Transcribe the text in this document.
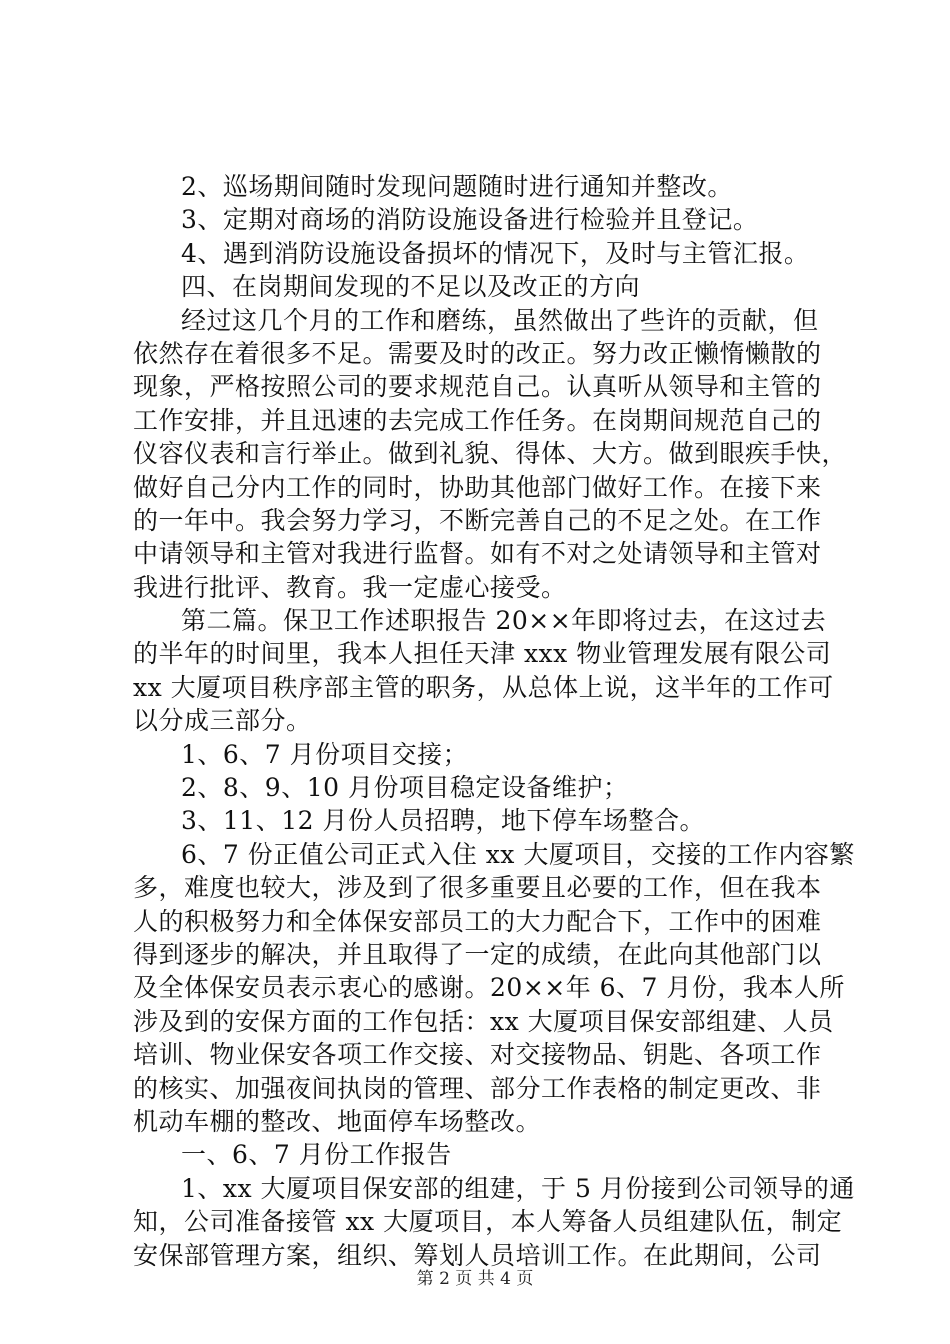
2、巡场期间随时发现问题随时进行通知并整改。
3、定期对商场的消防设施设备进行检验并且登记。
4、遇到消防设施设备损坏的情况下，及时与主管汇报。
四、在岗期间发现的不足以及改正的方向
经过这几个月的工作和磨练，虽然做出了些许的贡献，但
依然存在着很多不足。需要及时的改正。努力改正懒惰懒散的
现象，严格按照公司的要求规范自己。认真听从领导和主管的
工作安排，并且迅速的去完成工作任务。在岗期间规范自己的
仪容仪表和言行举止。做到礼貌、得体、大方。做到眼疾手快，
做好自己分内工作的同时，协助其他部门做好工作。在接下来
的一年中。我会努力学习，不断完善自己的不足之处。在工作
中请领导和主管对我进行监督。如有不对之处请领导和主管对
我进行批评、教育。我一定虚心接受。
第二篇。保卫工作述职报告 20××年即将过去，在这过去
的半年的时间里，我本人担任天津 xxx 物业管理发展有限公司
xx 大厦项目秩序部主管的职务，从总体上说，这半年的工作可
以分成三部分。
1、6、7 月份项目交接；
2、8、9、10 月份项目稳定设备维护；
3、11、12 月份人员招聘，地下停车场整合。
6、7 份正值公司正式入住 xx 大厦项目，交接的工作内容繁
多，难度也较大，涉及到了很多重要且必要的工作，但在我本
人的积极努力和全体保安部员工的大力配合下，工作中的困难
得到逐步的解决，并且取得了一定的成绩，在此向其他部门以
及全体保安员表示衷心的感谢。20××年 6、7 月份，我本人所
涉及到的安保方面的工作包括：xx 大厦项目保安部组建、人员
培训、物业保安各项工作交接、对交接物品、钥匙、各项工作
的核实、加强夜间执岗的管理、部分工作表格的制定更改、非
机动车棚的整改、地面停车场整改。
一、6、7 月份工作报告
1、xx 大厦项目保安部的组建，于 5 月份接到公司领导的通
知，公司准备接管 xx 大厦项目，本人筹备人员组建队伍，制定
安保部管理方案，组织、筹划人员培训工作。在此期间，公司
第 2 页 共 4 页
